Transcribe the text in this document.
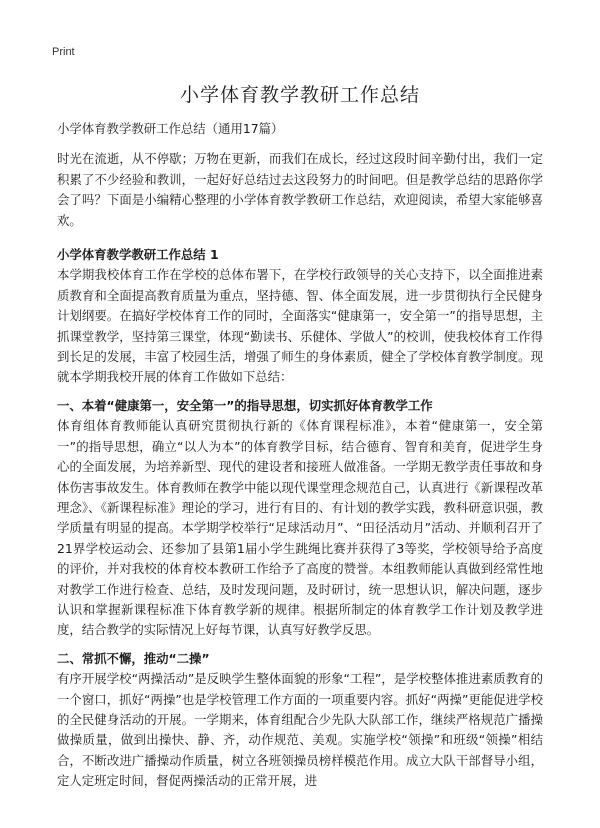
Print
小学体育教学教研工作总结

小学体育教学教研工作总结（通用17篇）

时光在流逝，从不停歇；万物在更新，而我们在成长，经过这段时间辛勤付出，我们一定积累了不少经验和教训，一起好好总结过去这段努力的时间吧。但是教学总结的思路你学会了吗？下面是小编精心整理的小学体育教学教研工作总结，欢迎阅读，希望大家能够喜欢。

小学体育教学教研工作总结 1

本学期我校体育工作在学校的总体布署下，在学校行政领导的关心支持下，以全面推进素质教育和全面提高教育质量为重点，坚持德、智、体全面发展，进一步贯彻执行全民健身计划纲要。在搞好学校体育工作的同时，全面落实“健康第一，安全第一”的指导思想，主抓课堂教学，坚持第三课堂，体现“勤读书、乐健体、学做人”的校训，使我校体育工作得到长足的发展，丰富了校园生活，增强了师生的身体素质，健全了学校体育教学制度。现就本学期我校开展的体育工作做如下总结：

一、本着“健康第一，安全第一”的指导思想，切实抓好体育教学工作

体育组体育教师能认真研究贯彻执行新的《体育课程标准》，本着“健康第一，安全第一”的指导思想，确立“以人为本”的体育教学目标，结合德育、智育和美育，促进学生身心的全面发展，为培养新型、现代的建设者和接班人做准备。一学期无教学责任事故和身体伤害事故发生。体育教师在教学中能以现代课堂理念规范自己，认真进行《新课程改革理念》、《新课程标准》理论的学习，进行有目的、有计划的教学实践，教科研意识强，教学质量有明显的提高。本学期学校举行“足球活动月”、“田径活动月”活动、并顺利召开了21界学校运动会、还参加了县第1届小学生跳绳比赛并获得了3等奖，学校领导给予高度的评价，并对我校的体育校本教研工作给予了高度的赞誉。本组教师能认真做到经常性地对教学工作进行检查、总结，及时发现问题，及时研讨，统一思想认识，解决问题，逐步认识和掌握新课程标准下体育教学新的规律。根据所制定的体育教学工作计划及教学进度，结合教学的实际情况上好每节课，认真写好教学反思。

二、常抓不懈，推动“二操”

有序开展学校“两操活动”是反映学生整体面貌的形象“工程”，是学校整体推进素质教育的一个窗口，抓好“两操”也是学校管理工作方面的一项重要内容。抓好“两操”更能促进学校的全民健身活动的开展。一学期来，体育组配合少先队大队部工作，继续严格规范广播操做操质量，做到出操快、静、齐，动作规范、美观。实施学校“领操”和班级“领操”相结合，不断改进广播操动作质量，树立各班领操员榜样模范作用。成立大队干部督导小组，定人定班定时间，督促两操活动的正常开展，进
